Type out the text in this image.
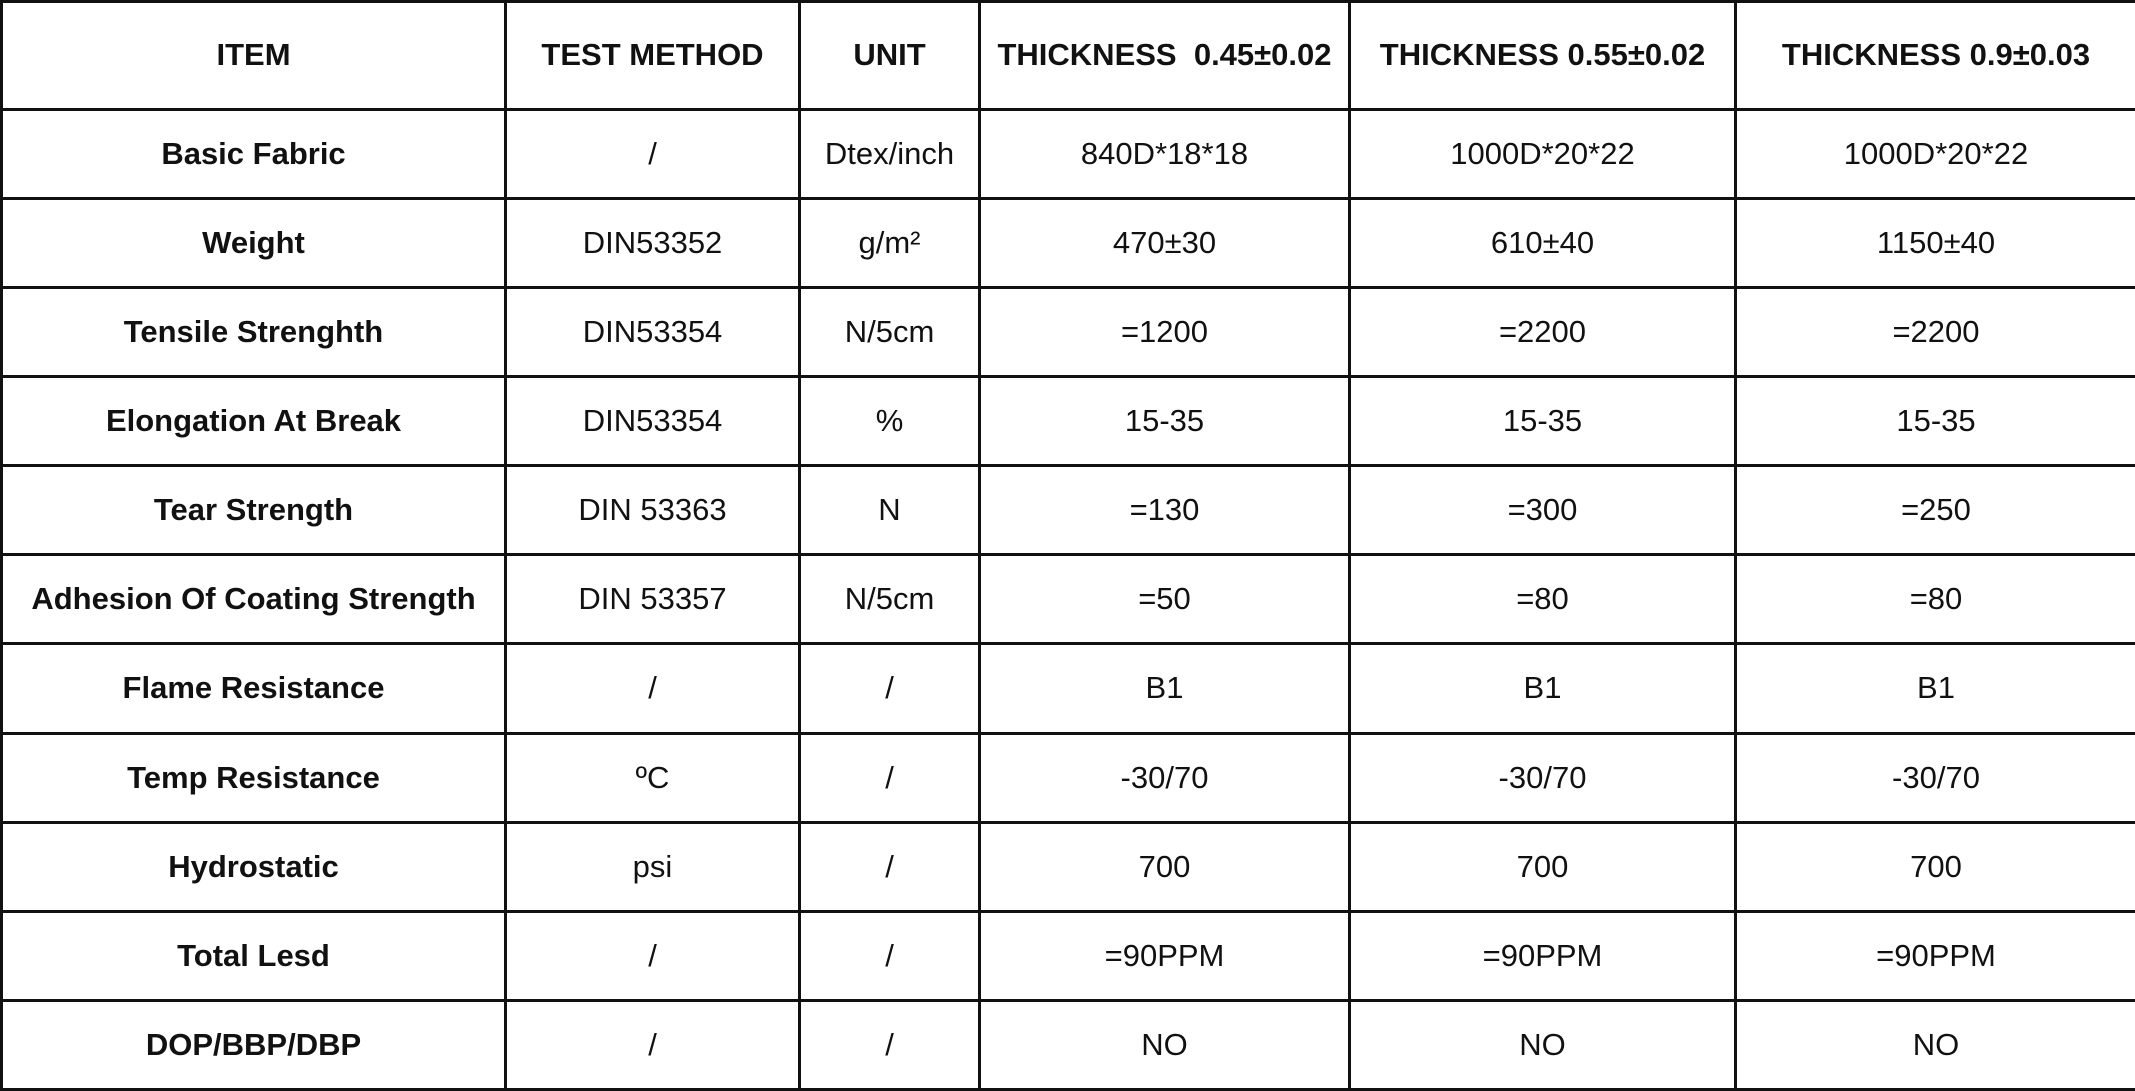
ITEM	TEST METHOD	UNIT	THICKNESS  0.45±0.02	THICKNESS 0.55±0.02	THICKNESS 0.9±0.03
Basic Fabric	/	Dtex/inch	840D*18*18	1000D*20*22	1000D*20*22
Weight	DIN53352	g/m²	470±30	610±40	1150±40
Tensile Strenghth	DIN53354	N/5cm	=1200	=2200	=2200
Elongation At Break	DIN53354	%	15-35	15-35	15-35
Tear Strength	DIN 53363	N	=130	=300	=250
Adhesion Of Coating Strength	DIN 53357	N/5cm	=50	=80	=80
Flame Resistance	/	/	B1	B1	B1
Temp Resistance	ºC	/	-30/70	-30/70	-30/70
Hydrostatic	psi	/	700	700	700
Total Lesd	/	/	=90PPM	=90PPM	=90PPM
DOP/BBP/DBP	/	/	NO	NO	NO
